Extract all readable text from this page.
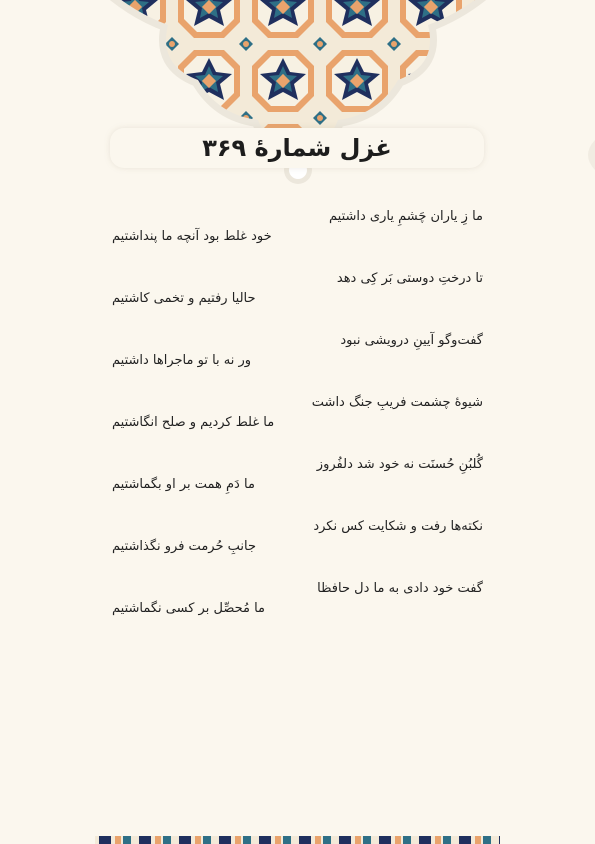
غزل شمارهٔ ۳۶۹
ما زِ یاران چَشمِ یاری داشتیم
خود غلط بود آنچه ما پنداشتیم
تا درختِ دوستی بَر کِی دهد
حالیا رفتیم و تخمی کاشتیم
گفت‌وگو آیینِ درویشی نبود
ور نه با تو ماجراها داشتیم
شیوهٔ چشمت فریبِ جنگ داشت
ما غلط کردیم و صلح انگاشتیم
گُلبُنِ حُسنَت نه خود شد دلفُروز
ما دَمِ همت بر او بگماشتیم
نکته‌ها رفت و شکایت کس نکرد
جانبِ حُرمت فرو نگذاشتیم
گفت خود دادی به ما دل حافظا
ما مُحصِّل بر کسی نگماشتیم
